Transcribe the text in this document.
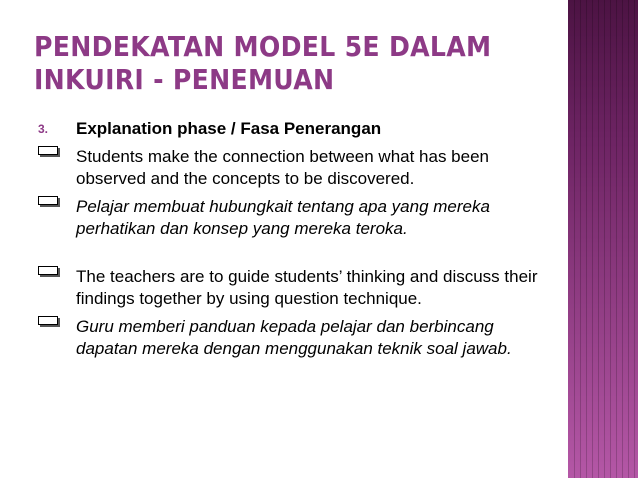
PENDEKATAN MODEL 5E DALAM INKUIRI - PENEMUAN
3.	Explanation phase / Fasa Penerangan
Students make the connection between what has been observed and the concepts to be discovered.
Pelajar membuat hubungkait tentang apa yang mereka perhatikan dan konsep yang mereka teroka.
The teachers are to guide students’ thinking and discuss their   findings together by using question technique.
Guru memberi panduan kepada pelajar dan berbincang dapatan mereka dengan menggunakan teknik soal jawab.
